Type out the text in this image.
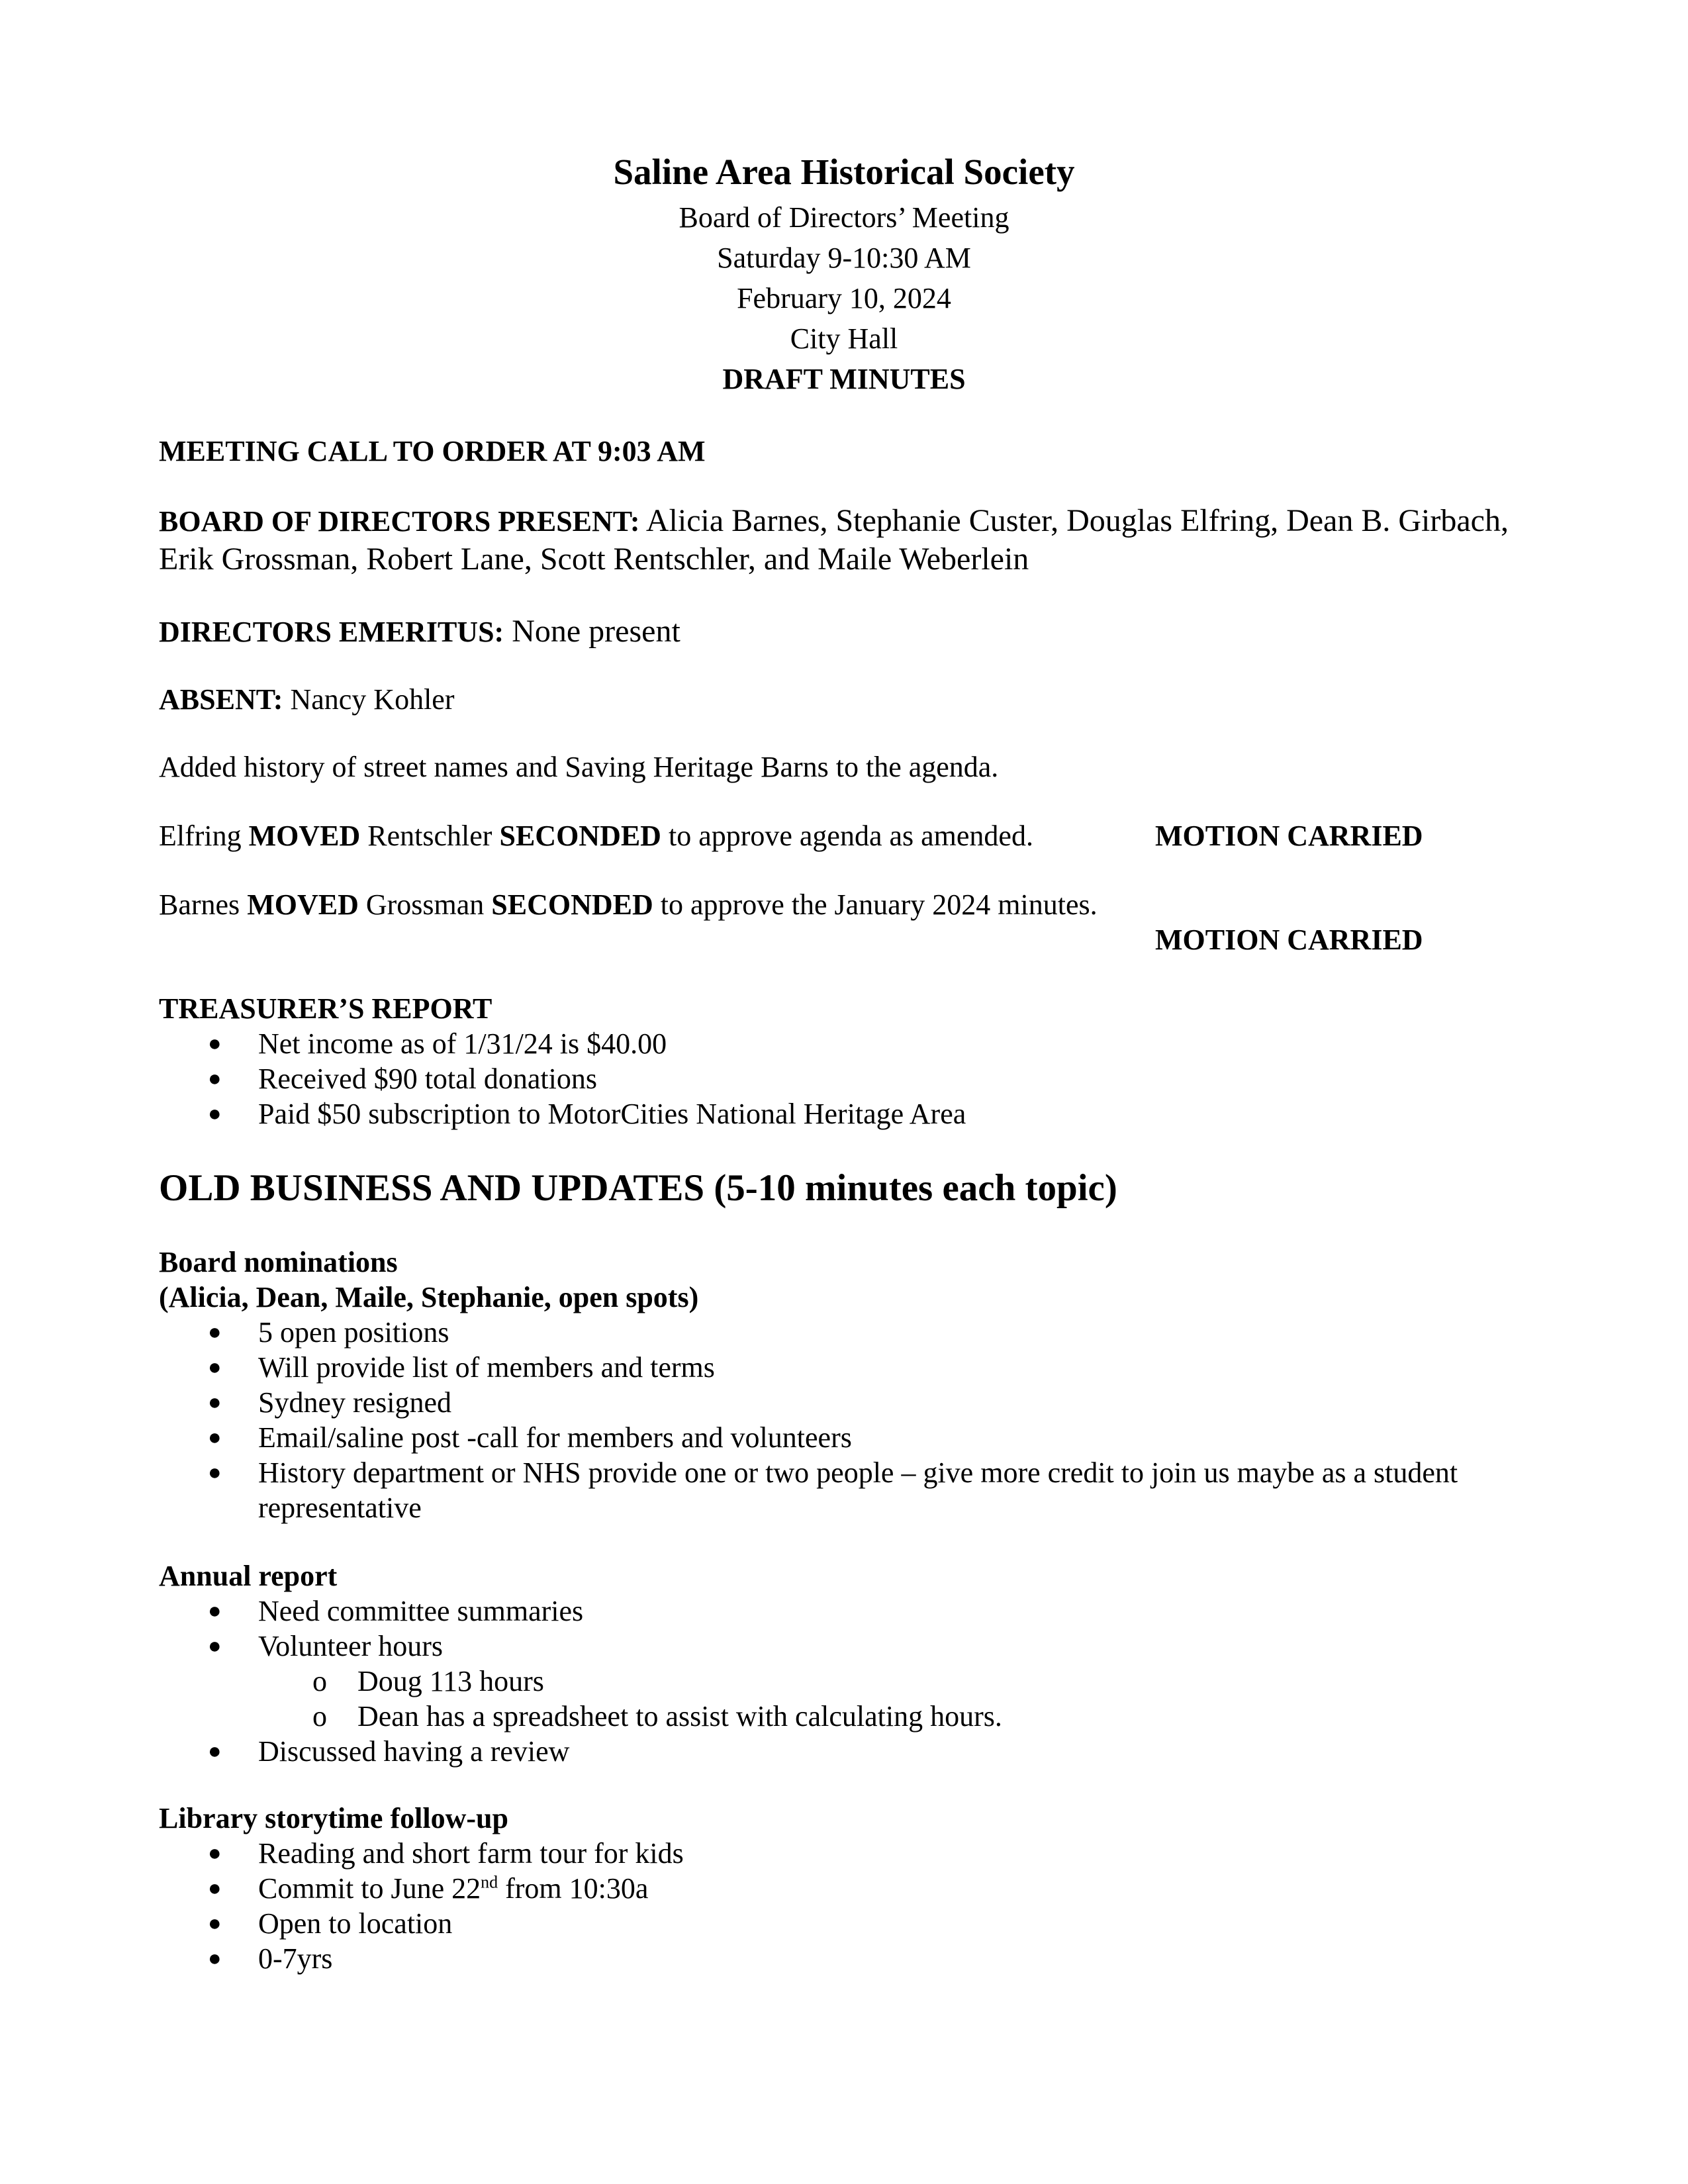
Saline Area Historical Society
Board of Directors’ Meeting
Saturday 9-10:30 AM
February 10, 2024
City Hall
DRAFT MINUTES
MEETING CALL TO ORDER AT 9:03 AM
BOARD OF DIRECTORS PRESENT: Alicia Barnes, Stephanie Custer, Douglas Elfring, Dean B. Girbach, Erik Grossman, Robert Lane, Scott Rentschler, and Maile Weberlein
DIRECTORS EMERITUS: None present
ABSENT: Nancy Kohler
Added history of street names and Saving Heritage Barns to the agenda.
Elfring MOVED Rentschler SECONDED to approve agenda as amended.	MOTION CARRIED
Barnes MOVED Grossman SECONDED to approve the January 2024 minutes.
MOTION CARRIED
TREASURER’S REPORT
● Net income as of 1/31/24 is $40.00
● Received $90 total donations
● Paid $50 subscription to MotorCities National Heritage Area
OLD BUSINESS AND UPDATES (5-10 minutes each topic)
Board nominations
(Alicia, Dean, Maile, Stephanie, open spots)
● 5 open positions
● Will provide list of members and terms
● Sydney resigned
● Email/saline post -call for members and volunteers
● History department or NHS provide one or two people – give more credit to join us maybe as a student representative
Annual report
● Need committee summaries
● Volunteer hours
o Doug 113 hours
o Dean has a spreadsheet to assist with calculating hours.
● Discussed having a review
Library storytime follow-up
● Reading and short farm tour for kids
● Commit to June 22nd from 10:30a
● Open to location
● 0-7yrs
